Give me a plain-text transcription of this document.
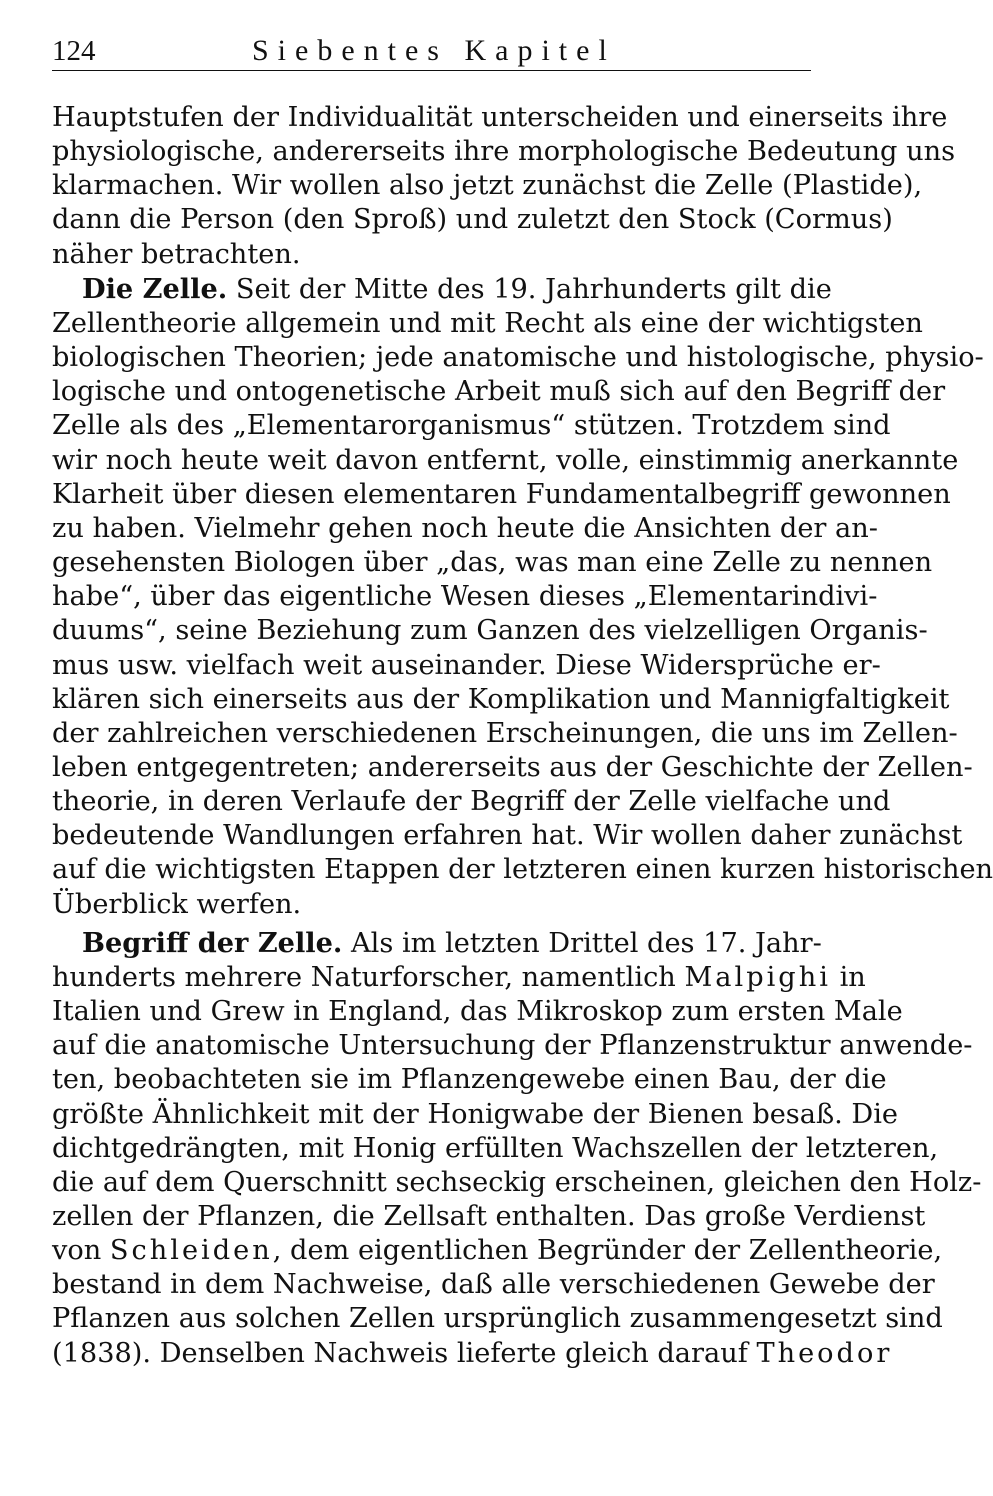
124	Siebentes Kapitel
Hauptstufen der Individualität unterscheiden und einerseits ihre
physiologische, andererseits ihre morphologische Bedeutung uns
klarmachen. Wir wollen also jetzt zunächst die Zelle (Plastide),
dann die Person (den Sproß) und zuletzt den Stock (Cormus)
näher betrachten.
Die Zelle. Seit der Mitte des 19. Jahrhunderts gilt die
Zellentheorie allgemein und mit Recht als eine der wichtigsten
biologischen Theorien; jede anatomische und histologische, physio-
logische und ontogenetische Arbeit muß sich auf den Begriff der
Zelle als des „Elementarorganismus“ stützen. Trotzdem sind
wir noch heute weit davon entfernt, volle, einstimmig anerkannte
Klarheit über diesen elementaren Fundamentalbegriff gewonnen
zu haben. Vielmehr gehen noch heute die Ansichten der an-
gesehensten Biologen über „das, was man eine Zelle zu nennen
habe“, über das eigentliche Wesen dieses „Elementarindivi-
duums“, seine Beziehung zum Ganzen des vielzelligen Organis-
mus usw. vielfach weit auseinander. Diese Widersprüche er-
klären sich einerseits aus der Komplikation und Mannigfaltigkeit
der zahlreichen verschiedenen Erscheinungen, die uns im Zellen-
leben entgegentreten; andererseits aus der Geschichte der Zellen-
theorie, in deren Verlaufe der Begriff der Zelle vielfache und
bedeutende Wandlungen erfahren hat. Wir wollen daher zunächst
auf die wichtigsten Etappen der letzteren einen kurzen historischen
Überblick werfen.
Begriff der Zelle. Als im letzten Drittel des 17. Jahr-
hunderts mehrere Naturforscher, namentlich Malpighi in
Italien und Grew in England, das Mikroskop zum ersten Male
auf die anatomische Untersuchung der Pflanzenstruktur anwende-
ten, beobachteten sie im Pflanzengewebe einen Bau, der die
größte Ähnlichkeit mit der Honigwabe der Bienen besaß. Die
dichtgedrängten, mit Honig erfüllten Wachszellen der letzteren,
die auf dem Querschnitt sechseckig erscheinen, gleichen den Holz-
zellen der Pflanzen, die Zellsaft enthalten. Das große Verdienst
von Schleiden, dem eigentlichen Begründer der Zellentheorie,
bestand in dem Nachweise, daß alle verschiedenen Gewebe der
Pflanzen aus solchen Zellen ursprünglich zusammengesetzt sind
(1838). Denselben Nachweis lieferte gleich darauf Theodor
